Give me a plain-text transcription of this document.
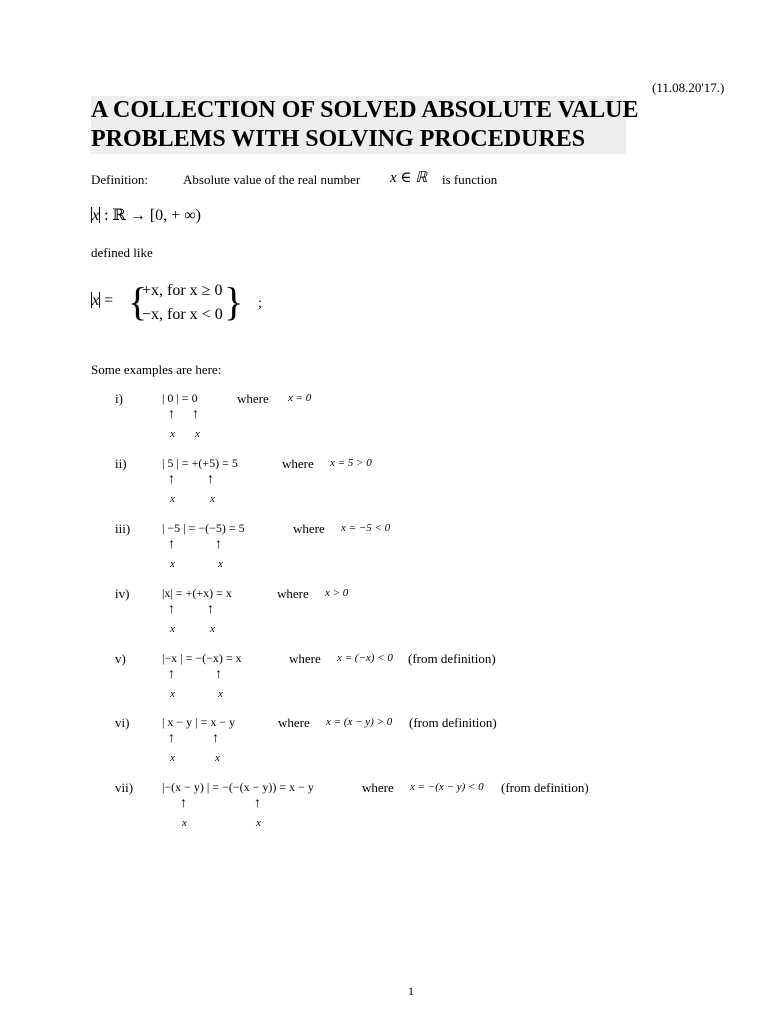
(11.08.20'17.)
A COLLECTION OF SOLVED ABSOLUTE VALUE
PROBLEMS WITH SOLVING PROCEDURES
Definition:	Absolute value of the real number x ∈ ℝ is function
x : ℝ → [0, + ∞)
defined like
x = {
+x, for x ≥ 0
−x, for x < 0 } ;
Some examples are here:
i)	| 0 | = 0	where x = 0
↑ ↑
x x
ii)	| 5 | = +(+5) = 5	where x = 5 > 0
↑ ↑
x	x
iii)	| −5 | = −(−5) = 5	where x = −5 < 0
↑	↑
x	x
iv)	|x| = +(+x) = x	where x > 0
↑ ↑
x	x
v)	|−x | = −(−x) = x	where x = (−x) < 0 (from definition)
↑	↑
x	x
vi)	| x − y | = x − y	where x = (x − y) > 0 (from definition)
↑	↑
x	x
vii) |−(x − y) | = −(−(x − y)) = x − y	where x = −(x − y) < 0 (from definition)
↑	↑
x	x
1
